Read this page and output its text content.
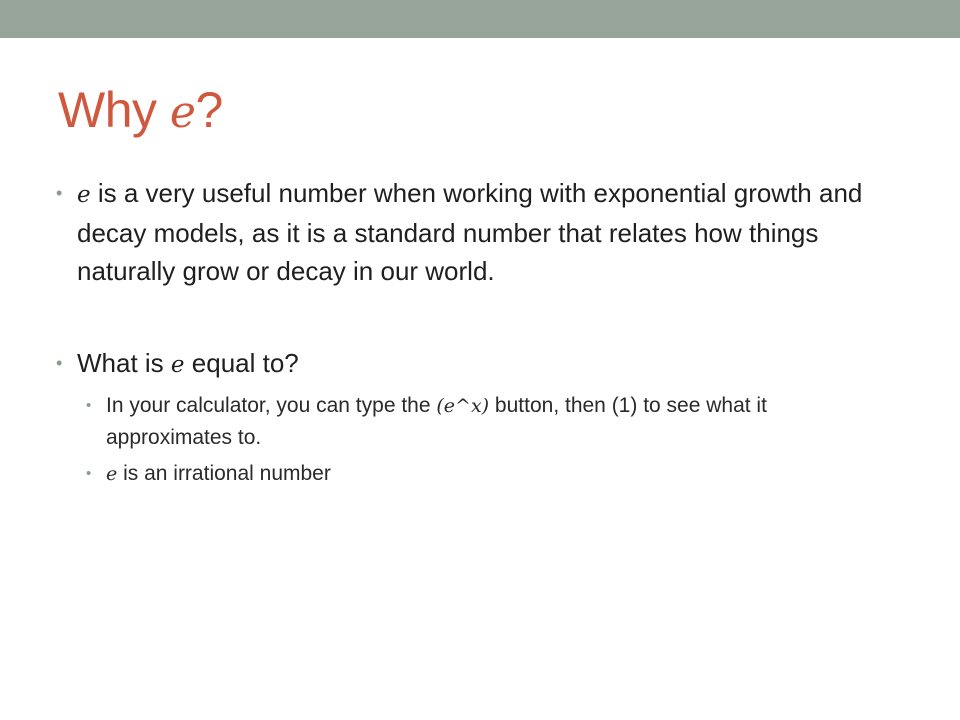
Why e?
• e is a very useful number when working with exponential growth and decay models, as it is a standard number that relates how things naturally grow or decay in our world.
• What is e equal to?
• In your calculator, you can type the (e^x) button, then (1) to see what it approximates to.
• e is an irrational number
